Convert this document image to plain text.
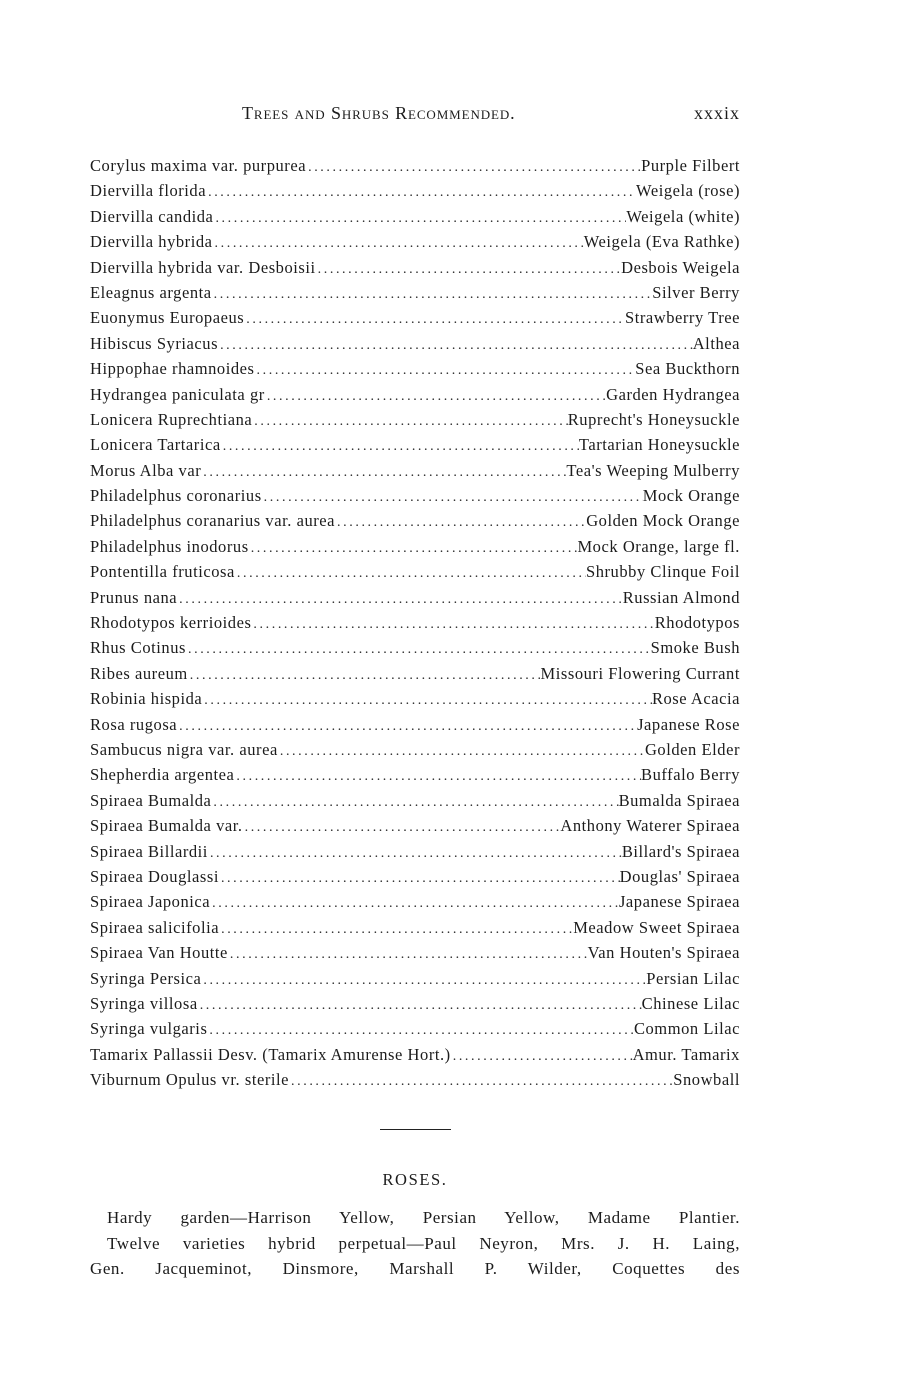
Trees and Shrubs Recommended.	xxxix
Corylus maxima var. purpurea .....	Purple Filbert
Diervilla florida .....	Weigela (rose)
Diervilla candida .....	Weigela (white)
Diervilla hybrida .....	Weigela (Eva Rathke)
Diervilla hybrida var. Desboisii .....	Desbois Weigela
Eleagnus argenta .....	Silver Berry
Euonymus Europaeus .....	Strawberry Tree
Hibiscus Syriacus .....	Althea
Hippophae rhamnoides .....	Sea Buckthorn
Hydrangea paniculata gr .....	Garden Hydrangea
Lonicera Ruprechtiana .....	Ruprecht's Honeysuckle
Lonicera Tartarica .....	Tartarian Honeysuckle
Morus Alba var .....	Tea's Weeping Mulberry
Philadelphus coronarius .....	Mock Orange
Philadelphus coranarius var. aurea .....	Golden Mock Orange
Philadelphus inodorus .....	Mock Orange, large fl.
Pontentilla fruticosa .....	Shrubby Clinque Foil
Prunus nana .....	Russian Almond
Rhodotypos kerrioides .....	Rhodotypos
Rhus Cotinus .....	Smoke Bush
Ribes aureum .....	Missouri Flowering Currant
Robinia hispida .....	Rose Acacia
Rosa rugosa .....	Japanese Rose
Sambucus nigra var. aurea .....	Golden Elder
Shepherdia argentea .....	Buffalo Berry
Spiraea Bumalda .....	Bumalda Spiraea
Spiraea Bumalda var. .....	Anthony Waterer Spiraea
Spiraea Billardii .....	Billard's Spiraea
Spiraea Douglassi .....	Douglas' Spiraea
Spiraea Japonica .....	Japanese Spiraea
Spiraea salicifolia .....	Meadow Sweet Spiraea
Spiraea Van Houtte .....	Van Houten's Spiraea
Syringa Persica .....	Persian Lilac
Syringa villosa .....	Chinese Lilac
Syringa vulgaris .....	Common Lilac
Tamarix Pallassii Desv. (Tamarix Amurense Hort.) .....	Amur. Tamarix
Viburnum Opulus vr. sterile .....	Snowball
ROSES.

Hardy garden—Harrison Yellow, Persian Yellow, Madame Plantier.
Twelve varieties hybrid perpetual—Paul Neyron, Mrs. J. H. Laing,
Gen. Jacqueminot, Dinsmore, Marshall P. Wilder, Coquettes des
